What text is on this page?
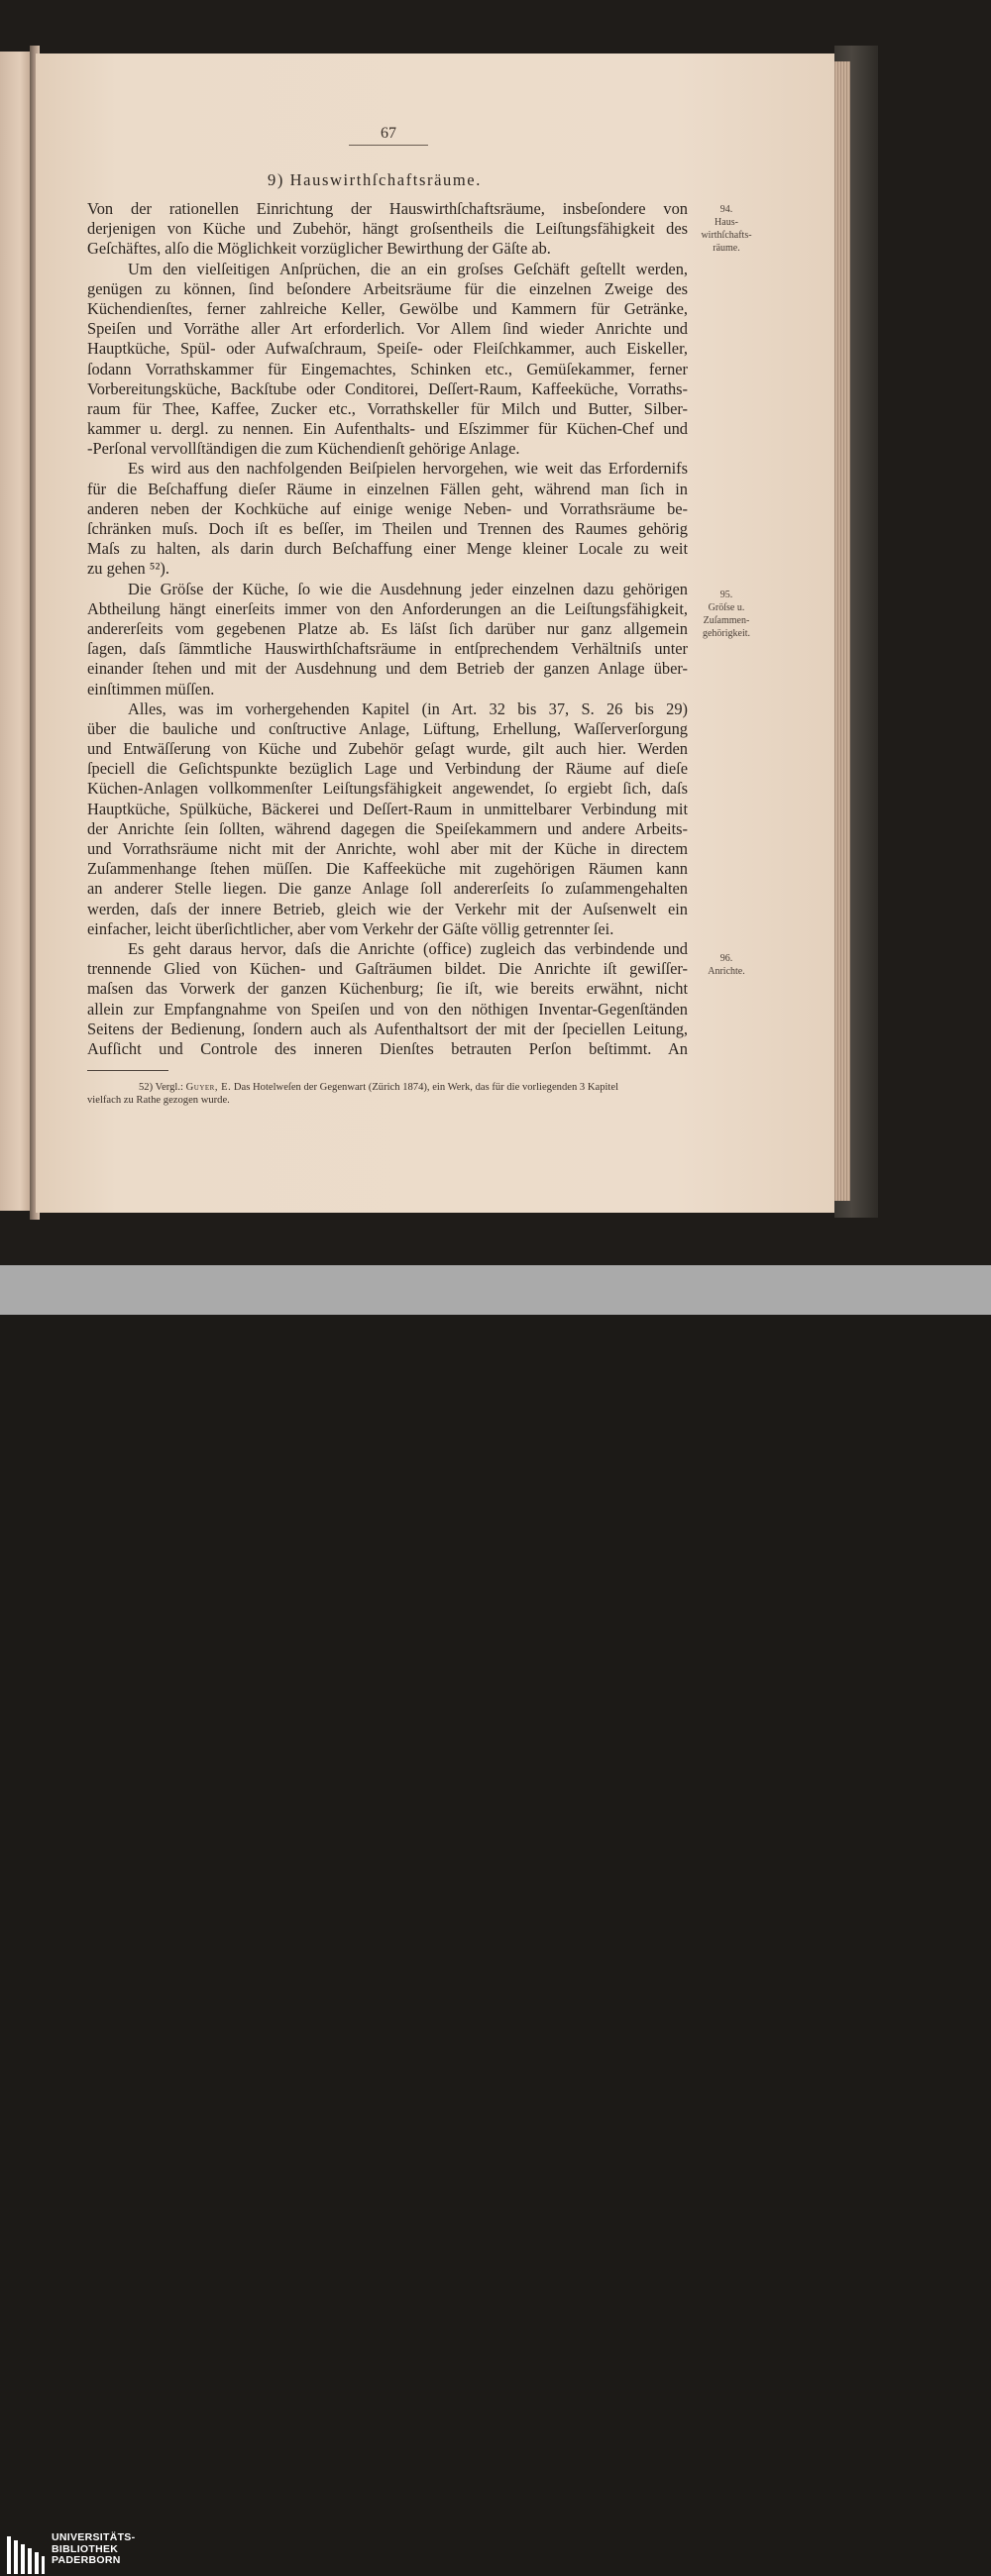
67
9) Hauswirthſchaftsräume.
Von der rationellen Einrichtung der Hauswirthſchaftsräume, insbeſondere von
derjenigen von Küche und Zubehör, hängt groſsentheils die Leiſtungsfähigkeit des
Geſchäftes, alſo die Möglichkeit vorzüglicher Bewirthung der Gäſte ab.
Um den vielſeitigen Anſprüchen, die an ein groſses Geſchäft geſtellt werden,
genügen zu können, ſind beſondere Arbeitsräume für die einzelnen Zweige des
Küchendienſtes, ferner zahlreiche Keller, Gewölbe und Kammern für Getränke,
Speiſen und Vorräthe aller Art erforderlich. Vor Allem ſind wieder Anrichte und
Hauptküche, Spül- oder Aufwaſchraum, Speiſe- oder Fleiſchkammer, auch Eiskeller,
ſodann Vorrathskammer für Eingemachtes, Schinken etc., Gemüſekammer, ferner
Vorbereitungsküche, Backſtube oder Conditorei, Deſſert-Raum, Kaffeeküche, Vorraths-
raum für Thee, Kaffee, Zucker etc., Vorrathskeller für Milch und Butter, Silber-
kammer u. dergl. zu nennen. Ein Aufenthalts- und Eſszimmer für Küchen-Chef und
-Perſonal vervollſtändigen die zum Küchendienſt gehörige Anlage.
Es wird aus den nachfolgenden Beiſpielen hervorgehen, wie weit das Erfordernifs
für die Beſchaffung dieſer Räume in einzelnen Fällen geht, während man ſich in
anderen neben der Kochküche auf einige wenige Neben- und Vorrathsräume be-
ſchränken muſs. Doch iſt es beſſer, im Theilen und Trennen des Raumes gehörig
Maſs zu halten, als darin durch Beſchaffung einer Menge kleiner Locale zu weit
zu gehen ⁵²).
Die Gröſse der Küche, ſo wie die Ausdehnung jeder einzelnen dazu gehörigen
Abtheilung hängt einerſeits immer von den Anforderungen an die Leiſtungsfähigkeit,
andererſeits vom gegebenen Platze ab. Es läſst ſich darüber nur ganz allgemein
ſagen, daſs ſämmtliche Hauswirthſchaftsräume in entſprechendem Verhältniſs unter
einander ſtehen und mit der Ausdehnung und dem Betrieb der ganzen Anlage über-
einſtimmen müſſen.
Alles, was im vorhergehenden Kapitel (in Art. 32 bis 37, S. 26 bis 29)
über die bauliche und conſtructive Anlage, Lüftung, Erhellung, Waſſerverſorgung
und Entwäſſerung von Küche und Zubehör geſagt wurde, gilt auch hier. Werden
ſpeciell die Geſichtspunkte bezüglich Lage und Verbindung der Räume auf dieſe
Küchen-Anlagen vollkommenſter Leiſtungsfähigkeit angewendet, ſo ergiebt ſich, daſs
Hauptküche, Spülküche, Bäckerei und Deſſert-Raum in unmittelbarer Verbindung mit
der Anrichte ſein ſollten, während dagegen die Speiſekammern und andere Arbeits-
und Vorrathsräume nicht mit der Anrichte, wohl aber mit der Küche in directem
Zuſammenhange ſtehen müſſen. Die Kaffeeküche mit zugehörigen Räumen kann
an anderer Stelle liegen. Die ganze Anlage ſoll andererſeits ſo zuſammengehalten
werden, daſs der innere Betrieb, gleich wie der Verkehr mit der Auſsenwelt ein
einfacher, leicht überſichtlicher, aber vom Verkehr der Gäſte völlig getrennter ſei.
Es geht daraus hervor, daſs die Anrichte (office) zugleich das verbindende und
trennende Glied von Küchen- und Gaſträumen bildet. Die Anrichte iſt gewiſſer-
maſsen das Vorwerk der ganzen Küchenburg; ſie iſt, wie bereits erwähnt, nicht
allein zur Empfangnahme von Speiſen und von den nöthigen Inventar-Gegenſtänden
Seitens der Bedienung, ſondern auch als Aufenthaltsort der mit der ſpeciellen Leitung,
Aufſicht und Controle des inneren Dienſtes betrauten Perſon beſtimmt. An
94.
Haus-
wirthſchafts-
räume.
95.
Gröſse u.
Zuſammen-
gehörigkeit.
96.
Anrichte.
52) Vergl.: Guyer, E. Das Hotelweſen der Gegenwart (Zürich 1874), ein Werk, das für die vorliegenden 3 Kapitel
vielfach zu Rathe gezogen wurde.
UNIVERSITÄTS-
BIBLIOTHEK
PADERBORN
